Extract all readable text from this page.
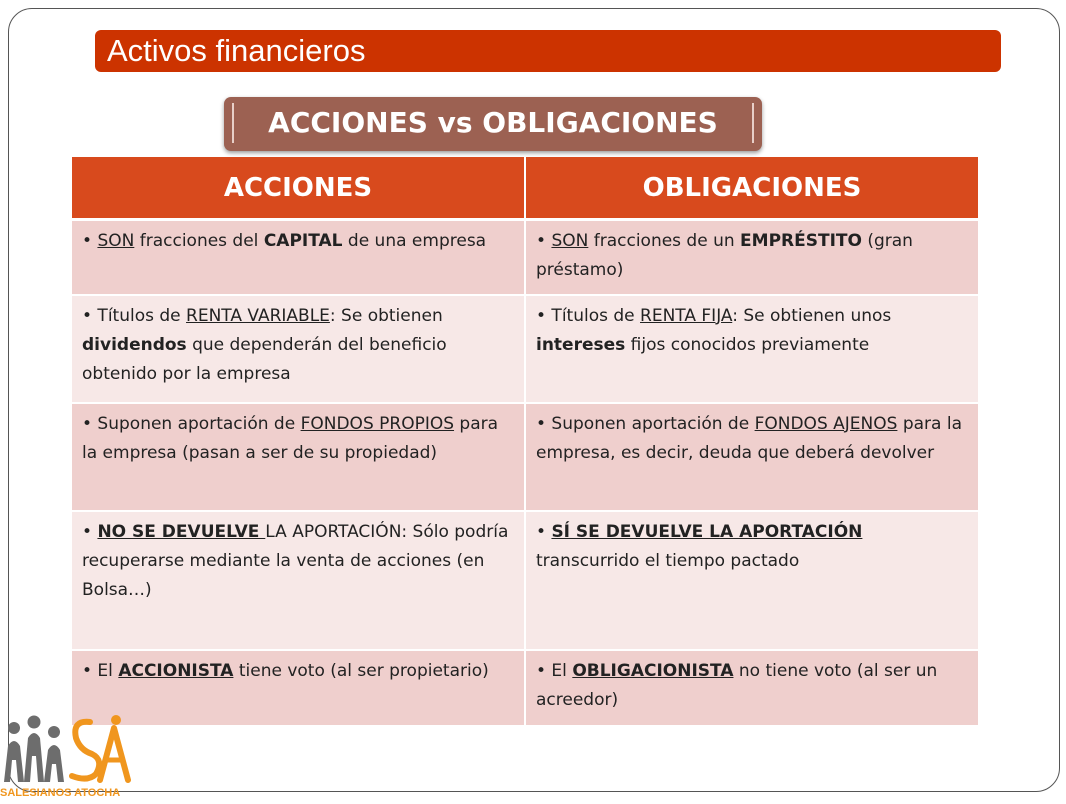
Activos financieros
ACCIONES vs OBLIGACIONES
ACCIONES	OBLIGACIONES
• SON fracciones del CAPITAL de una empresa	• SON fracciones de un EMPRÉSTITO (gran préstamo)
• Títulos de RENTA VARIABLE: Se obtienen dividendos que dependerán del beneficio obtenido por la empresa	• Títulos de RENTA FIJA: Se obtienen unos intereses fijos conocidos previamente
• Suponen aportación de FONDOS PROPIOS para la empresa (pasan a ser de su propiedad)	• Suponen aportación de FONDOS AJENOS para la empresa, es decir, deuda que deberá devolver
• NO SE DEVUELVE LA APORTACIÓN: Sólo podría recuperarse mediante la venta de acciones (en Bolsa…)	• SÍ SE DEVUELVE LA APORTACIÓN transcurrido el tiempo pactado
• El ACCIONISTA tiene voto (al ser propietario)	• El OBLIGACIONISTA no tiene voto (al ser un acreedor)
SALESIANOS ATOCHA
